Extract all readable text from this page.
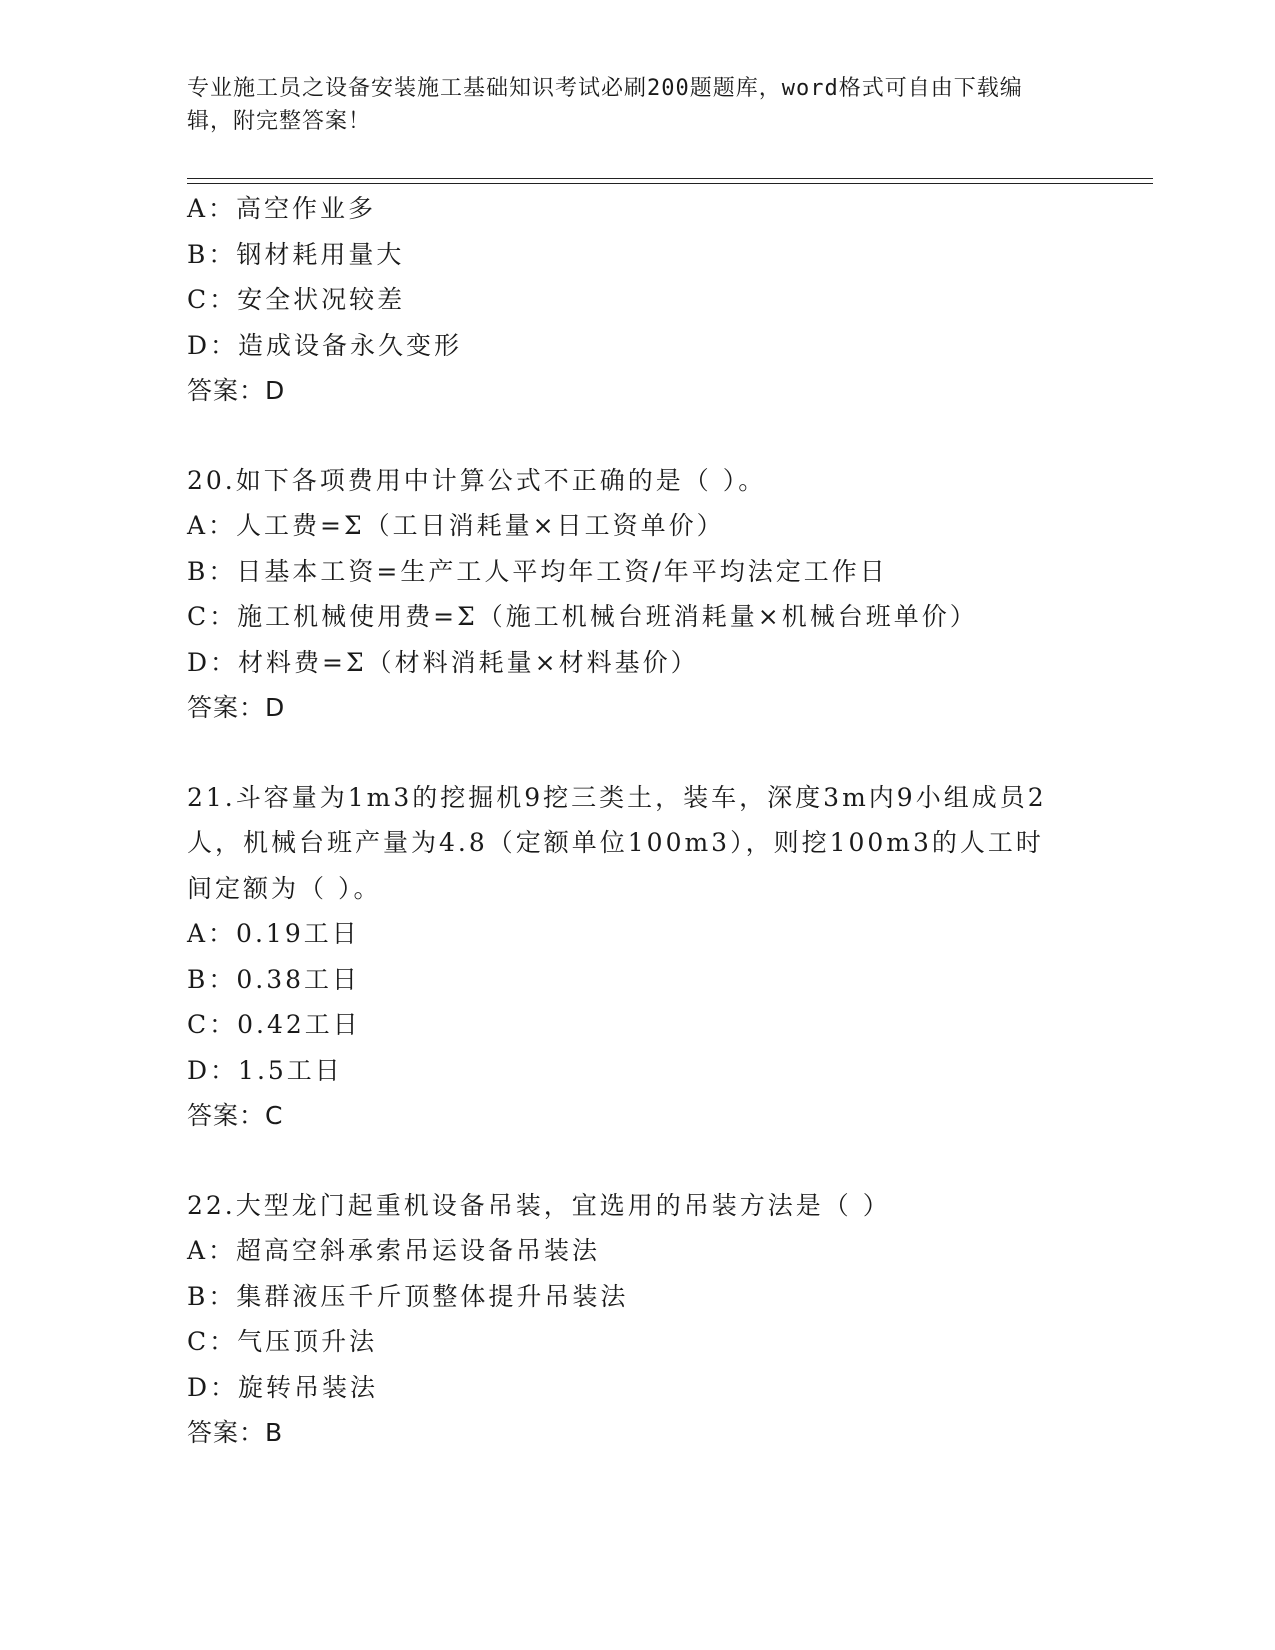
专业施工员之设备安装施工基础知识考试必刷200题题库，word格式可自由下载编辑，附完整答案！
A：高空作业多
B：钢材耗用量大
C：安全状况较差
D：造成设备永久变形
答案：D
20.如下各项费用中计算公式不正确的是（ ）。
A：人工费=Σ（工日消耗量×日工资单价）
B：日基本工资=生产工人平均年工资/年平均法定工作日
C：施工机械使用费=Σ（施工机械台班消耗量×机械台班单价）
D：材料费=Σ（材料消耗量×材料基价）
答案：D
21.斗容量为1m3的挖掘机9挖三类土，装车，深度3m内9小组成员2人，机械台班产量为4.8（定额单位100m3），则挖100m3的人工时间定额为（ ）。
A：0.19工日
B：0.38工日
C：0.42工日
D：1.5工日
答案：C
22.大型龙门起重机设备吊装，宜选用的吊装方法是（ ）
A：超高空斜承索吊运设备吊装法
B：集群液压千斤顶整体提升吊装法
C：气压顶升法
D：旋转吊装法
答案：B
